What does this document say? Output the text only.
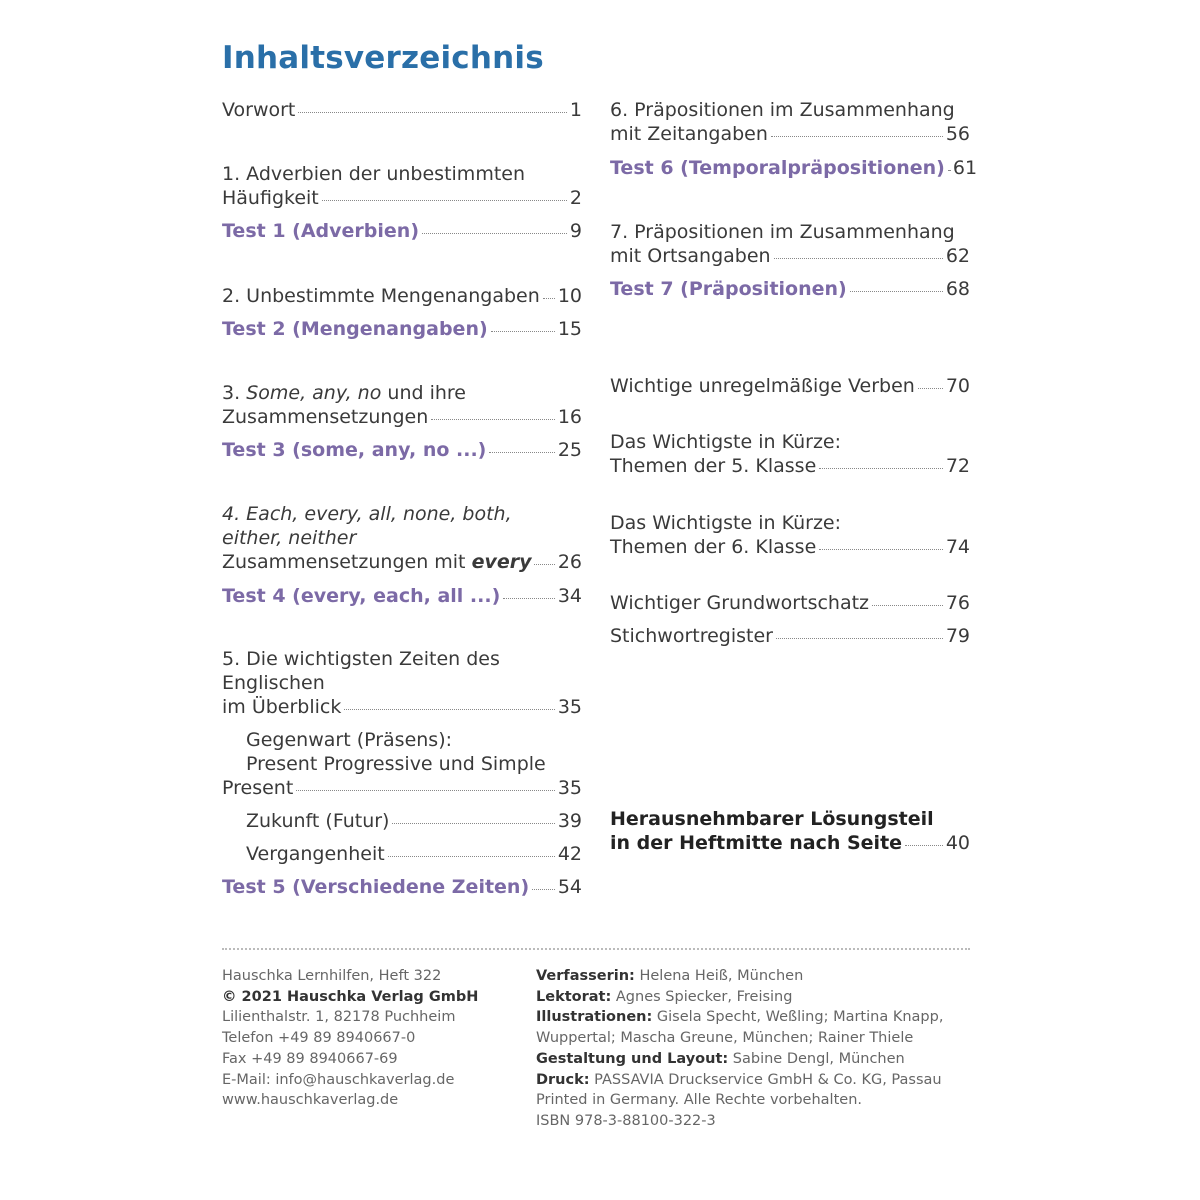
Inhaltsverzeichnis
Vorwort	1
1. Adverbien der unbestimmten
Häufigkeit	2
Test 1 (Adverbien)	9
2. Unbestimmte Mengenangaben 10
Test 2 (Mengenangaben)	15
3. Some, any, no und ihre
Zusammensetzungen	16
Test 3 (some, any, no ...)	25
4. Each, every, all, none, both,
either, neither
Zusammensetzungen mit every 26
Test 4 (every, each, all ...)	34
5. Die wichtigsten Zeiten des
Englischen
im Überblick	35
Gegenwart (Präsens):
Present Progressive und Simple
Present	35
Zukunft (Futur)	39
Vergangenheit	42
Test 5 (Verschiedene Zeiten) 54
6. Präpositionen im Zusammenhang
mit Zeitangaben	56
Test 6 (Temporalpräpositionen) 61
7. Präpositionen im Zusammenhang
mit Ortsangaben	62
Test 7 (Präpositionen)	68
Wichtige unregelmäßige Verben 70
Das Wichtigste in Kürze:
Themen der 5. Klasse	72
Das Wichtigste in Kürze:
Themen der 6. Klasse	74
Wichtiger Grundwortschatz	76
Stichwortregister	79
Herausnehmbarer Lösungsteil
in der Heftmitte nach Seite 40
Hauschka Lernhilfen, Heft 322
© 2021 Hauschka Verlag GmbH
Lilienthalstr. 1, 82178 Puchheim
Telefon +49 89 8940667-0
Fax +49 89 8940667-69
E-Mail: info@hauschkaverlag.de
www.hauschkaverlag.de
Verfasserin: Helena Heiß, München
Lektorat: Agnes Spiecker, Freising
Illustrationen: Gisela Specht, Weßling; Martina Knapp,
Wuppertal; Mascha Greune, München; Rainer Thiele
Gestaltung und Layout: Sabine Dengl, München
Druck: PASSAVIA Druckservice GmbH & Co. KG, Passau
Printed in Germany. Alle Rechte vorbehalten.
ISBN 978-3-88100-322-3
